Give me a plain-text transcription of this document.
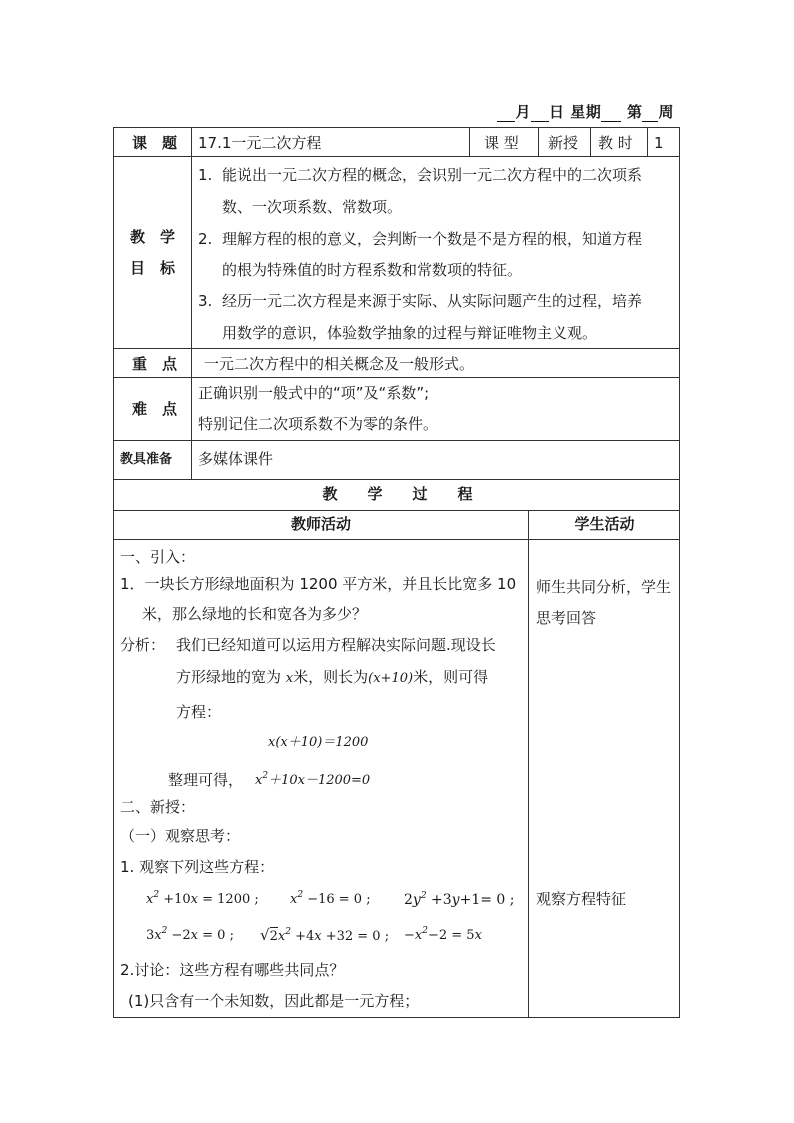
月 日 星期 第 周
课　题 17.1一元二次方程	课 型 新授 教 时 1
教　学
目　标
1. 能说出一元二次方程的概念，会识别一元二次方程中的二次项系
数、一次项系数、常数项。
2. 理解方程的根的意义，会判断一个数是不是方程的根，知道方程
的根为特殊值的时方程系数和常数项的特征。
3. 经历一元二次方程是来源于实际、从实际问题产生的过程，培养
用数学的意识，体验数学抽象的过程与辩证唯物主义观。
重　点 一元二次方程中的相关概念及一般形式。
难　点
正确识别一般式中的“项”及“系数”;
特别记住二次项系数不为零的条件。
教具准备 多媒体课件
教　　学　　过　　程
教师活动	学生活动
一、引入：
1．一块长方形绿地面积为 1200 平方米，并且长比宽多 10
米，那么绿地的长和宽各为多少？
分析： 我们已经知道可以运用方程解决实际问题.现设长
方形绿地的宽为 x米，则长为(x+10)米，则可得
方程：
x(x＋10)＝1200
整理可得， $x^2+10x-1200=0$
二、新授：
（一）观察思考：
1. 观察下列这些方程：
$x^2 +10x = 1200$ ; $x^2 -16 = 0$ ; $2y^2 +3y+1= 0$ ;
$3x^2 -2x = 0$ ; $√2x^2 +4x +32 = 0$ ; $-x^2-2 = 5x$
2.讨论：这些方程有哪些共同点？
(1)只含有一个未知数，因此都是一元方程；
师生共同分析，学生
思考回答
观察方程特征
